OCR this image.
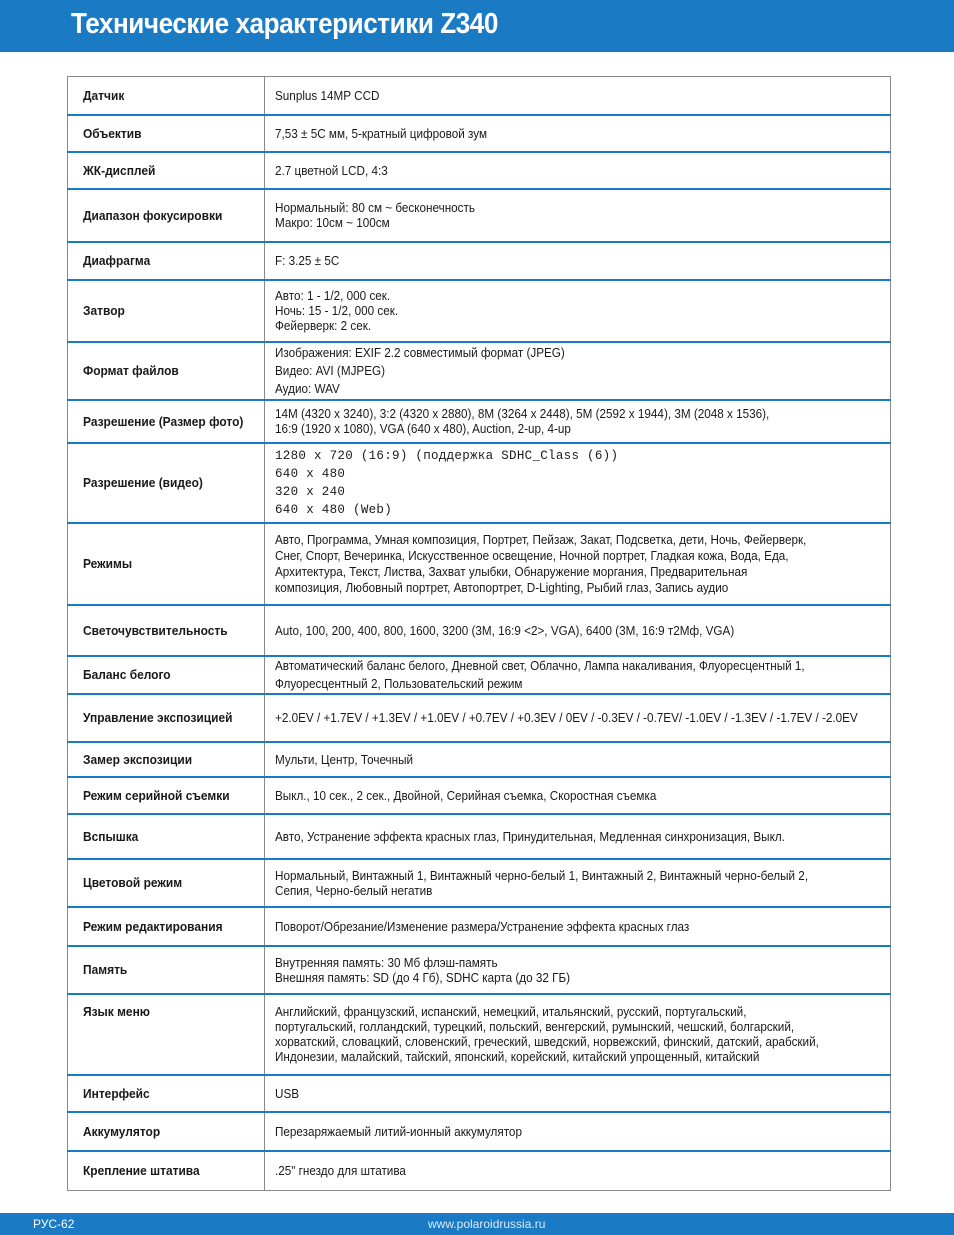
Технические характеристики Z340
Датчик	Sunplus 14MP CCD

Объектив	7,53 ± 5C мм, 5-кратный цифровой зум

ЖК-дисплей	2.7 цветной LCD, 4:3

Диапазон фокусировки	Нормальный: 80 см ~ бесконечность
Макро: 10см ~ 100см

Диафрагма	F: 3.25 ± 5C

Затвор	Авто: 1 - 1/2, 000 сек.
Ночь: 15 - 1/2, 000 сек.
Фейерверк: 2 сек.

Формат файлов	Изображения: EXIF 2.2 совместимый формат (JPEG)
Видео: AVI (MJPEG)
Аудио: WAV

Разрешение (Размер фото)	14M (4320 x 3240), 3:2 (4320 x 2880), 8M (3264 x 2448), 5M (2592 x 1944), 3M (2048 x 1536),
16:9 (1920 x 1080), VGA (640 x 480), Auction, 2-up, 4-up

Разрешение (видео)	1280 x 720 (16:9) (поддержка SDHC_Class (6))
640 x 480
320 x 240
640 x 480 (Web)

Режимы	Авто, Программа, Умная композиция, Портрет, Пейзаж, Закат, Подсветка, дети, Ночь, Фейерверк,
Снег, Спорт, Вечеринка, Искусственное освещение, Ночной портрет, Гладкая кожа, Вода, Еда,
Архитектура, Текст, Листва, Захват улыбки, Обнаружение моргания, Предварительная
композиция, Любовный портрет, Автопортрет, D-Lighting, Рыбий глаз, Запись аудио

Светочувствительность	Auto, 100, 200, 400, 800, 1600, 3200 (3M, 16:9 <2>, VGA), 6400 (3M, 16:9 т2Мф, VGA)

Баланс белого	Автоматический баланс белого, Дневной свет, Облачно, Лампа накаливания, Флуоресцентный 1,
Флуоресцентный 2, Пользовательский режим

Управление экспозицией	+2.0EV / +1.7EV / +1.3EV / +1.0EV / +0.7EV / +0.3EV / 0EV / -0.3EV / -0.7EV/ -1.0EV / -1.3EV / -1.7EV / -2.0EV

Замер экспозиции	Мульти, Центр, Точечный

Режим серийной съемки	Выкл., 10 сек., 2 сек., Двойной, Серийная съемка, Скоростная съемка

Вспышка	Авто, Устранение эффекта красных глаз, Принудительная, Медленная синхронизация, Выкл.

Цветовой режим	Нормальный, Винтажный 1, Винтажный черно-белый 1, Винтажный 2, Винтажный черно-белый 2,
Сепия, Черно-белый негатив

Режим редактирования	Поворот/Обрезание/Изменение размера/Устранение эффекта красных глаз

Память	Внутренняя память: 30 Мб флэш-память
Внешняя память: SD (до 4 Гб), SDHC карта (до 32 ГБ)

Язык меню	Английский, французский, испанский, немецкий, итальянский, русский, португальский,
португальский, голландский, турецкий, польский, венгерский, румынский, чешский, болгарский,
хорватский, словацкий, словенский, греческий, шведский, норвежский, финский, датский, арабский,
Индонезии, малайский, тайский, японский, корейский, китайский упрощенный, китайский

Интерфейс	USB

Аккумулятор	Перезаряжаемый литий-ионный аккумулятор

Крепление штатива	.25" гнездо для штатива
РУС-62	www.polaroidrussia.ru
